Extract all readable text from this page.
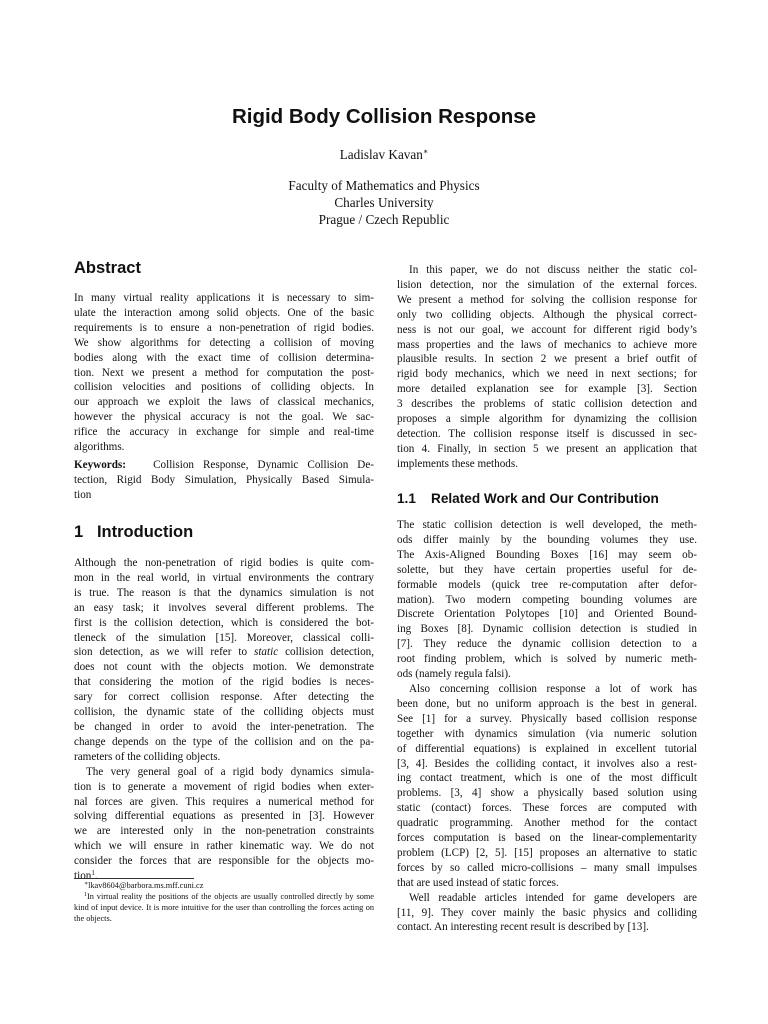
Rigid Body Collision Response
Ladislav Kavan∗
Faculty of Mathematics and Physics
Charles University
Prague / Czech Republic
Abstract

In many virtual reality applications it is necessary to sim-
ulate the interaction among solid objects. One of the basic
requirements is to ensure a non-penetration of rigid bodies.
We show algorithms for detecting a collision of moving
bodies along with the exact time of collision determina-
tion. Next we present a method for computation the post-
collision velocities and positions of colliding objects. In
our approach we exploit the laws of classical mechanics,
however the physical accuracy is not the goal. We sac-
rifice the accuracy in exchange for simple and real-time
algorithms.

Keywords: Collision Response, Dynamic Collision De-
tection, Rigid Body Simulation, Physically Based Simula-
tion

1 Introduction

Although the non-penetration of rigid bodies is quite com-
mon in the real world, in virtual environments the contrary
is true. The reason is that the dynamics simulation is not
an easy task; it involves several different problems. The
first is the collision detection, which is considered the bot-
tleneck of the simulation [15]. Moreover, classical colli-
sion detection, as we will refer to static collision detection,
does not count with the objects motion. We demonstrate
that considering the motion of the rigid bodies is neces-
sary for correct collision response. After detecting the
collision, the dynamic state of the colliding objects must
be changed in order to avoid the inter-penetration. The
change depends on the type of the collision and on the pa-
rameters of the colliding objects.

The very general goal of a rigid body dynamics simula-
tion is to generate a movement of rigid bodies when exter-
nal forces are given. This requires a numerical method for
solving differential equations as presented in [3]. However
we are interested only in the non-penetration constraints
which we will ensure in rather kinematic way. We do not
consider the forces that are responsible for the objects mo-
tion$^1$.

∗lkav8604@barbora.ms.mff.cuni.cz

$^1$In virtual reality the positions of the objects are usually controlled directly by some kind of input device. It is more intuitive for the user than controlling the forces acting on the objects.

In this paper, we do not discuss neither the static col-
lision detection, nor the simulation of the external forces.
We present a method for solving the collision response for
only two colliding objects. Although the physical correct-
ness is not our goal, we account for different rigid body’s
mass properties and the laws of mechanics to achieve more
plausible results. In section 2 we present a brief outfit of
rigid body mechanics, which we need in next sections; for
more detailed explanation see for example [3]. Section
3 describes the problems of static collision detection and
proposes a simple algorithm for dynamizing the collision
detection. The collision response itself is discussed in sec-
tion 4. Finally, in section 5 we present an application that
implements these methods.

1.1 Related Work and Our Contribution

The static collision detection is well developed, the meth-
ods differ mainly by the bounding volumes they use.
The Axis-Aligned Bounding Boxes [16] may seem ob-
solette, but they have certain properties useful for de-
formable models (quick tree re-computation after defor-
mation). Two modern competing bounding volumes are
Discrete Orientation Polytopes [10] and Oriented Bound-
ing Boxes [8]. Dynamic collision detection is studied in
[7]. They reduce the dynamic collision detection to a
root finding problem, which is solved by numeric meth-
ods (namely regula falsi).

Also concerning collision response a lot of work has
been done, but no uniform approach is the best in general.
See [1] for a survey. Physically based collision response
together with dynamics simulation (via numeric solution
of differential equations) is explained in excellent tutorial
[3, 4]. Besides the colliding contact, it involves also a rest-
ing contact treatment, which is one of the most difficult
problems. [3, 4] show a physically based solution using
static (contact) forces. These forces are computed with
quadratic programming. Another method for the contact
forces computation is based on the linear-complementarity
problem (LCP) [2, 5]. [15] proposes an alternative to static
forces by so called micro-collisions – many small impulses
that are used instead of static forces.

Well readable articles intended for game developers are
[11, 9]. They cover mainly the basic physics and colliding
contact. An interesting recent result is described by [13].
